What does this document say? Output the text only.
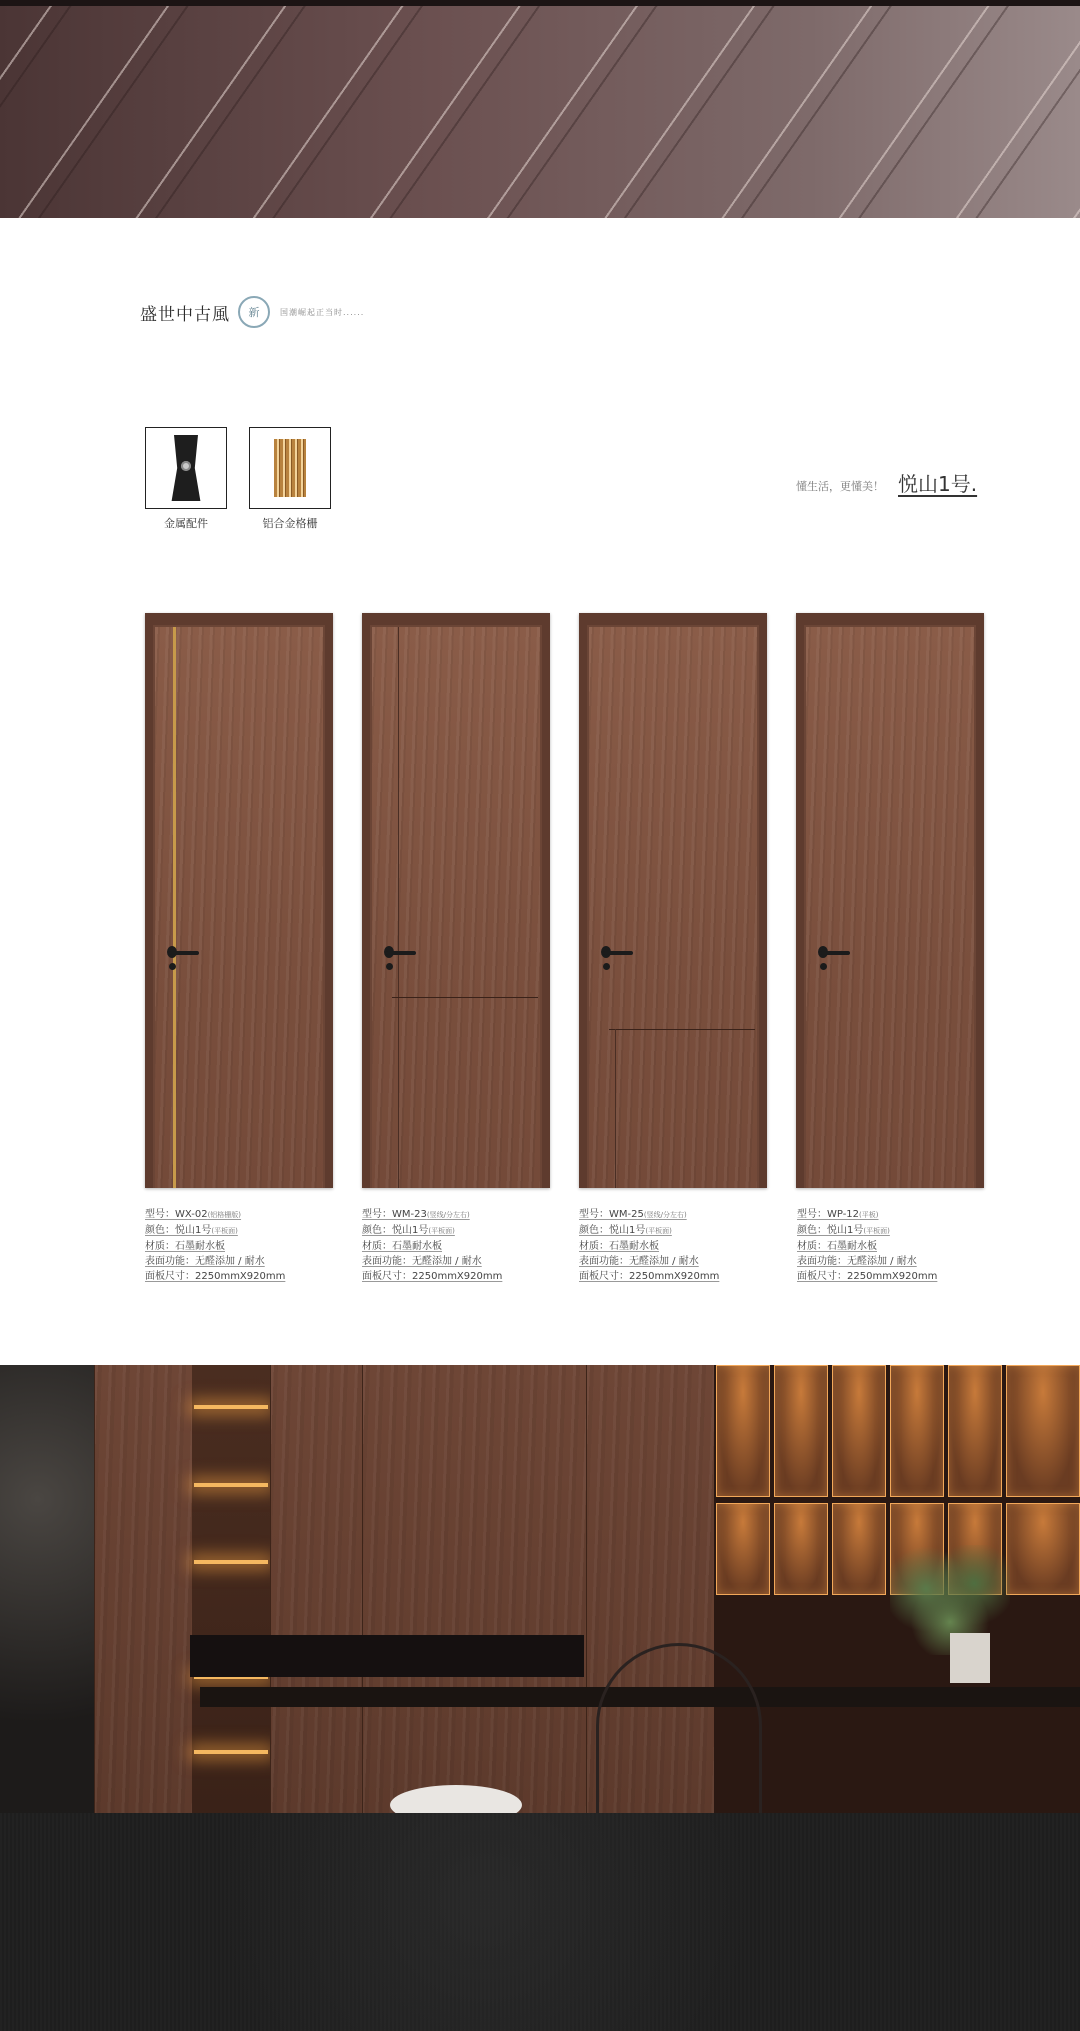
盛世中古風	新	国潮崛起正当时......
金属配件	铝合金格栅
懂生活，更懂美！ 悦山1号.
型号：WX-02(铝格栅版)
颜色：悦山1号(平板面)
材质：石墨耐水板
表面功能：无醛添加 / 耐水
面板尺寸：2250mmX920mm
型号：WM-23(竖线/分左右)
颜色：悦山1号(平板面)
材质：石墨耐水板
表面功能：无醛添加 / 耐水
面板尺寸：2250mmX920mm
型号：WM-25(竖线/分左右)
颜色：悦山1号(平板面)
材质：石墨耐水板
表面功能：无醛添加 / 耐水
面板尺寸：2250mmX920mm
型号：WP-12(平板)
颜色：悦山1号(平板面)
材质：石墨耐水板
表面功能：无醛添加 / 耐水
面板尺寸：2250mmX920mm
